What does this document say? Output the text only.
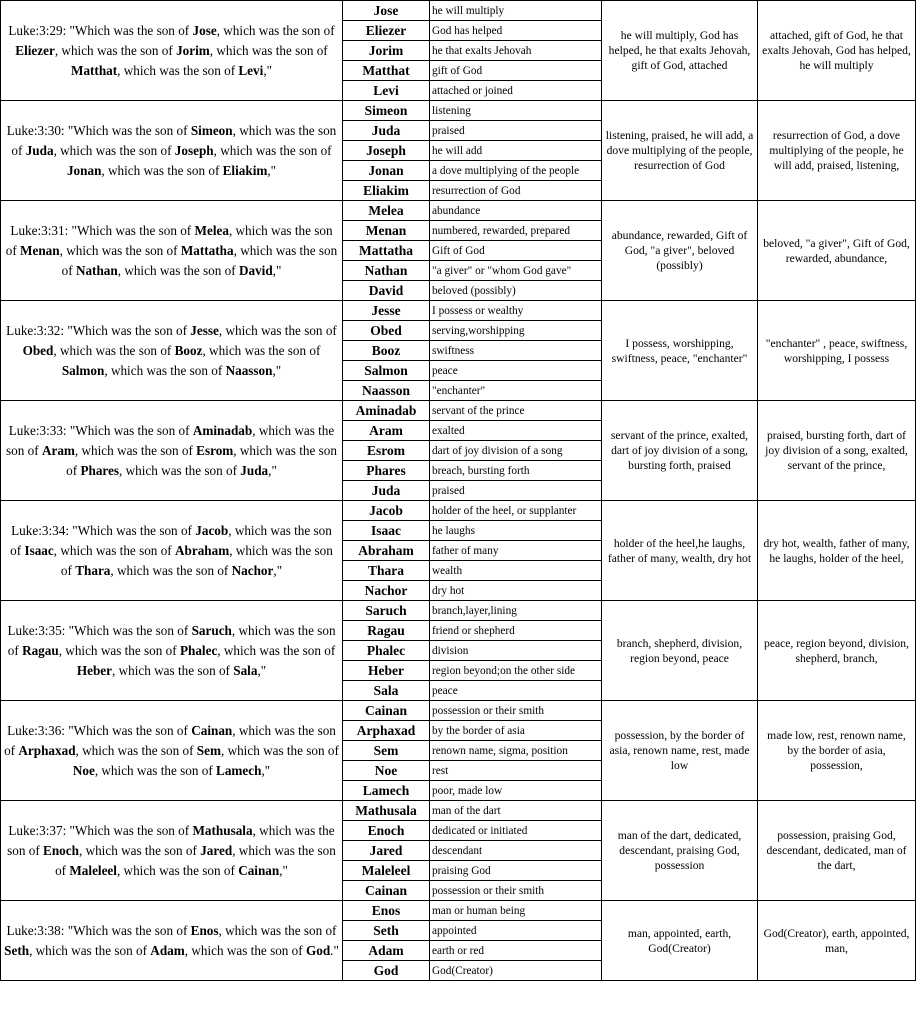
Luke:3:29: "Which was the son of Jose, which was the son of Eliezer, which was the son of Jorim, which was the son of Matthat, which was the son of Levi,"	Jose	he will multiply	he will multiply, God has helped, he that exalts Jehovah, gift of God, attached	attached, gift of God, he that exalts Jehovah, God has helped, he will multiply
	Eliezer	God has helped		
	Jorim	he that exalts Jehovah		
	Matthat	gift of God		
	Levi	attached or joined		
Luke:3:30: "Which was the son of Simeon, which was the son of Juda, which was the son of Joseph, which was the son of Jonan, which was the son of Eliakim,"	Simeon	listening	listening, praised, he will add, a dove multiplying of the people, resurrection of God	resurrection of God, a dove multiplying of the people, he will add, praised, listening,
	Juda	praised		
	Joseph	he will add		
	Jonan	a dove multiplying of the people		
	Eliakim	resurrection of God		
Luke:3:31: "Which was the son of Melea, which was the son of Menan, which was the son of Mattatha, which was the son of Nathan, which was the son of David,"	Melea	abundance	abundance, rewarded, Gift of God, "a giver", beloved (possibly)	beloved, "a giver", Gift of God, rewarded, abundance,
	Menan	numbered, rewarded, prepared		
	Mattatha	Gift of God		
	Nathan	"a giver" or "whom God gave"		
	David	beloved (possibly)		
Luke:3:32: "Which was the son of Jesse, which was the son of Obed, which was the son of Booz, which was the son of Salmon, which was the son of Naasson,"	Jesse	I possess or wealthy	I possess, worshipping, swiftness, peace, "enchanter"	"enchanter" , peace, swiftness, worshipping, I possess
	Obed	serving,worshipping		
	Booz	swiftness		
	Salmon	peace		
	Naasson	"enchanter"		
Luke:3:33: "Which was the son of Aminadab, which was the son of Aram, which was the son of Esrom, which was the son of Phares, which was the son of Juda,"	Aminadab	servant of the prince	servant of the prince, exalted, dart of joy division of a song, bursting forth, praised	praised, bursting forth, dart of joy division of a song, exalted, servant of the prince,
	Aram	exalted		
	Esrom	dart of joy division of a song		
	Phares	breach, bursting forth		
	Juda	praised		
Luke:3:34: "Which was the son of Jacob, which was the son of Isaac, which was the son of Abraham, which was the son of Thara, which was the son of Nachor,"	Jacob	holder of the heel, or supplanter	holder of the heel,he laughs, father of many, wealth, dry hot	dry hot, wealth, father of many, he laughs, holder of the heel,
	Isaac	he laughs		
	Abraham	father of many		
	Thara	wealth		
	Nachor	dry hot		
Luke:3:35: "Which was the son of Saruch, which was the son of Ragau, which was the son of Phalec, which was the son of Heber, which was the son of Sala,"	Saruch	branch,layer,lining	branch, shepherd, division, region beyond, peace	peace, region beyond, division, shepherd, branch,
	Ragau	friend or shepherd		
	Phalec	division		
	Heber	region beyond;on the other side		
	Sala	peace		
Luke:3:36: "Which was the son of Cainan, which was the son of Arphaxad, which was the son of Sem, which was the son of Noe, which was the son of Lamech,"	Cainan	possession or their smith	possession, by the border of asia, renown name, rest, made low	made low, rest, renown name, by the border of asia, possession,
	Arphaxad	by the border of asia		
	Sem	renown name, sigma, position		
	Noe	rest		
	Lamech	poor, made low		
Luke:3:37: "Which was the son of Mathusala, which was the son of Enoch, which was the son of Jared, which was the son of Maleleel, which was the son of Cainan,"	Mathusala	man of the dart	man of the dart, dedicated, descendant, praising God, possession	possession, praising God, descendant, dedicated, man of the dart,
	Enoch	dedicated or initiated		
	Jared	descendant		
	Maleleel	praising God		
	Cainan	possession or their smith		
Luke:3:38: "Which was the son of Enos, which was the son of Seth, which was the son of Adam, which was the son of God."	Enos	man or human being	man, appointed, earth, God(Creator)	God(Creator), earth, appointed, man,
	Seth	appointed		
	Adam	earth or red		
	God	God(Creator)		
